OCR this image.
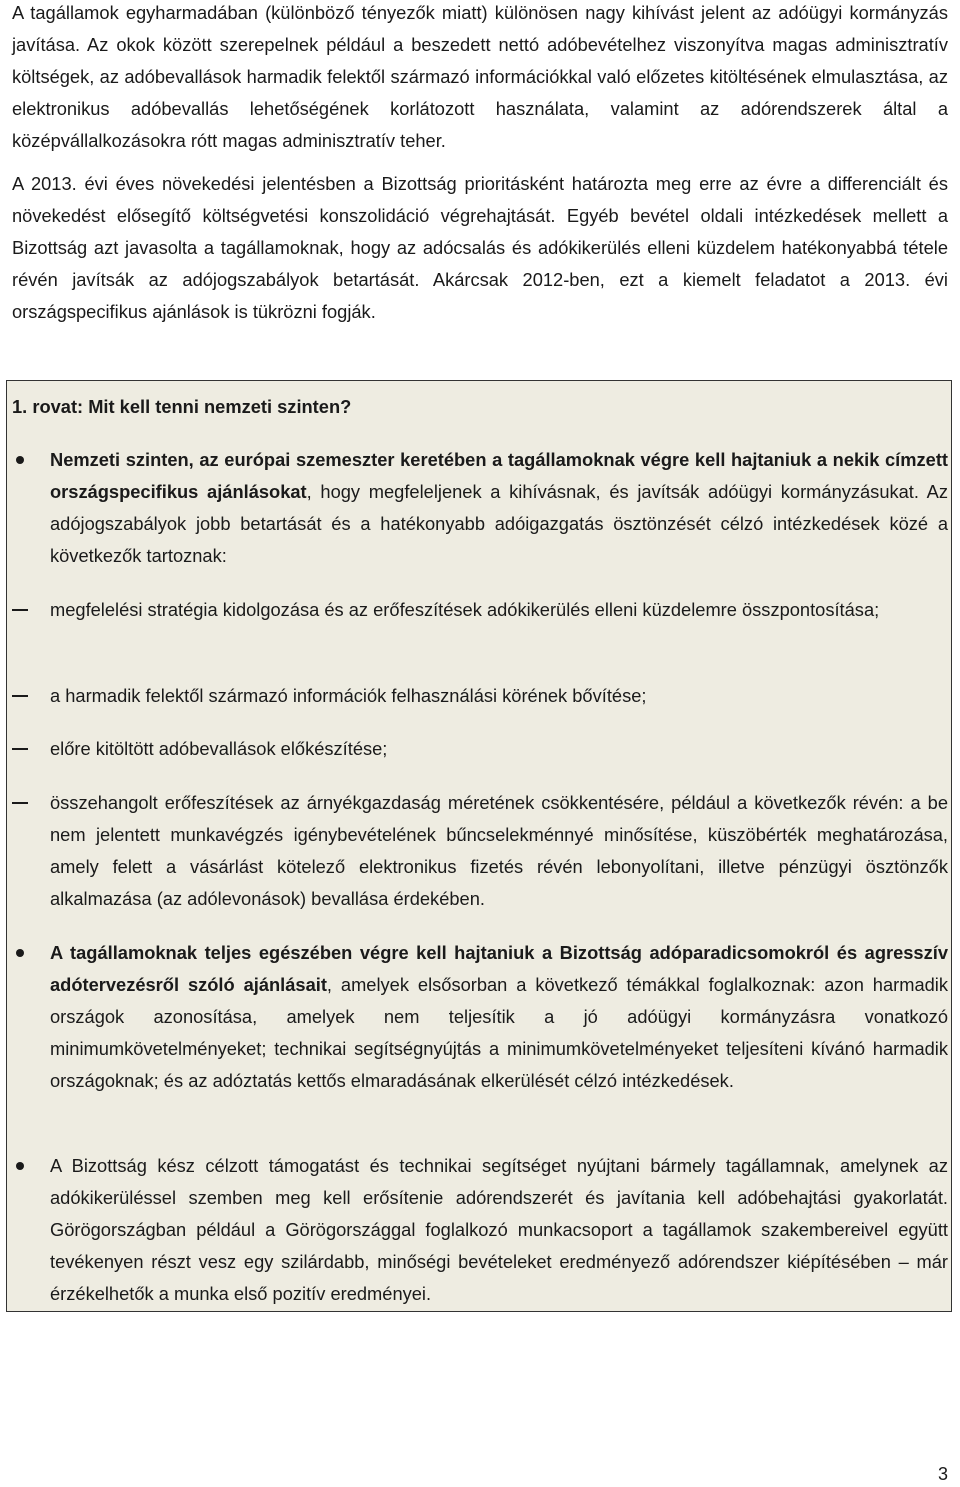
A tagállamok egyharmadában (különböző tényezők miatt) különösen nagy kihívást jelent az adóügyi kormányzás javítása. Az okok között szerepelnek például a beszedett nettó adóbevételhez viszonyítva magas adminisztratív költségek, az adóbevallások harmadik felektől származó információkkal való előzetes kitöltésének elmulasztása, az elektronikus adóbevallás lehetőségének korlátozott használata, valamint az adórendszerek által a középvállalkozásokra rótt magas adminisztratív teher.

A 2013. évi éves növekedési jelentésben a Bizottság prioritásként határozta meg erre az évre a differenciált és növekedést elősegítő költségvetési konszolidáció végrehajtását. Egyéb bevétel oldali intézkedések mellett a Bizottság azt javasolta a tagállamoknak, hogy az adócsalás és adókikerülés elleni küzdelem hatékonyabbá tétele révén javítsák az adójogszabályok betartását. Akárcsak 2012-ben, ezt a kiemelt feladatot a 2013. évi országspecifikus ajánlások is tükrözni fogják.

1. rovat: Mit kell tenni nemzeti szinten?

Nemzeti szinten, az európai szemeszter keretében a tagállamoknak végre kell hajtaniuk a nekik címzett országspecifikus ajánlásokat, hogy megfeleljenek a kihívásnak, és javítsák adóügyi kormányzásukat. Az adójogszabályok jobb betartását és a hatékonyabb adóigazgatás ösztönzését célzó intézkedések közé a következők tartoznak:

megfelelési stratégia kidolgozása és az erőfeszítések adókikerülés elleni küzdelemre összpontosítása;

a harmadik felektől származó információk felhasználási körének bővítése;

előre kitöltött adóbevallások előkészítése;

összehangolt erőfeszítések az árnyékgazdaság méretének csökkentésére, például a következők révén: a be nem jelentett munkavégzés igénybevételének bűncselekménnyé minősítése, küszöbérték meghatározása, amely felett a vásárlást kötelező elektronikus fizetés révén lebonyolítani, illetve pénzügyi ösztönzők alkalmazása (az adólevonások) bevallása érdekében.

A tagállamoknak teljes egészében végre kell hajtaniuk a Bizottság adóparadicsomokról és agresszív adótervezésről szóló ajánlásait, amelyek elsősorban a következő témákkal foglalkoznak: azon harmadik országok azonosítása, amelyek nem teljesítik a jó adóügyi kormányzásra vonatkozó minimumkövetelményeket; technikai segítségnyújtás a minimumkövetelményeket teljesíteni kívánó harmadik országoknak; és az adóztatás kettős elmaradásának elkerülését célzó intézkedések.

A Bizottság kész célzott támogatást és technikai segítséget nyújtani bármely tagállamnak, amelynek az adókikerüléssel szemben meg kell erősítenie adórendszerét és javítania kell adóbehajtási gyakorlatát. Görögországban például a Görögországgal foglalkozó munkacsoport a tagállamok szakembereivel együtt tevékenyen részt vesz egy szilárdabb, minőségi bevételeket eredményező adórendszer kiépítésében – már érzékelhetők a munka első pozitív eredményei.

3
